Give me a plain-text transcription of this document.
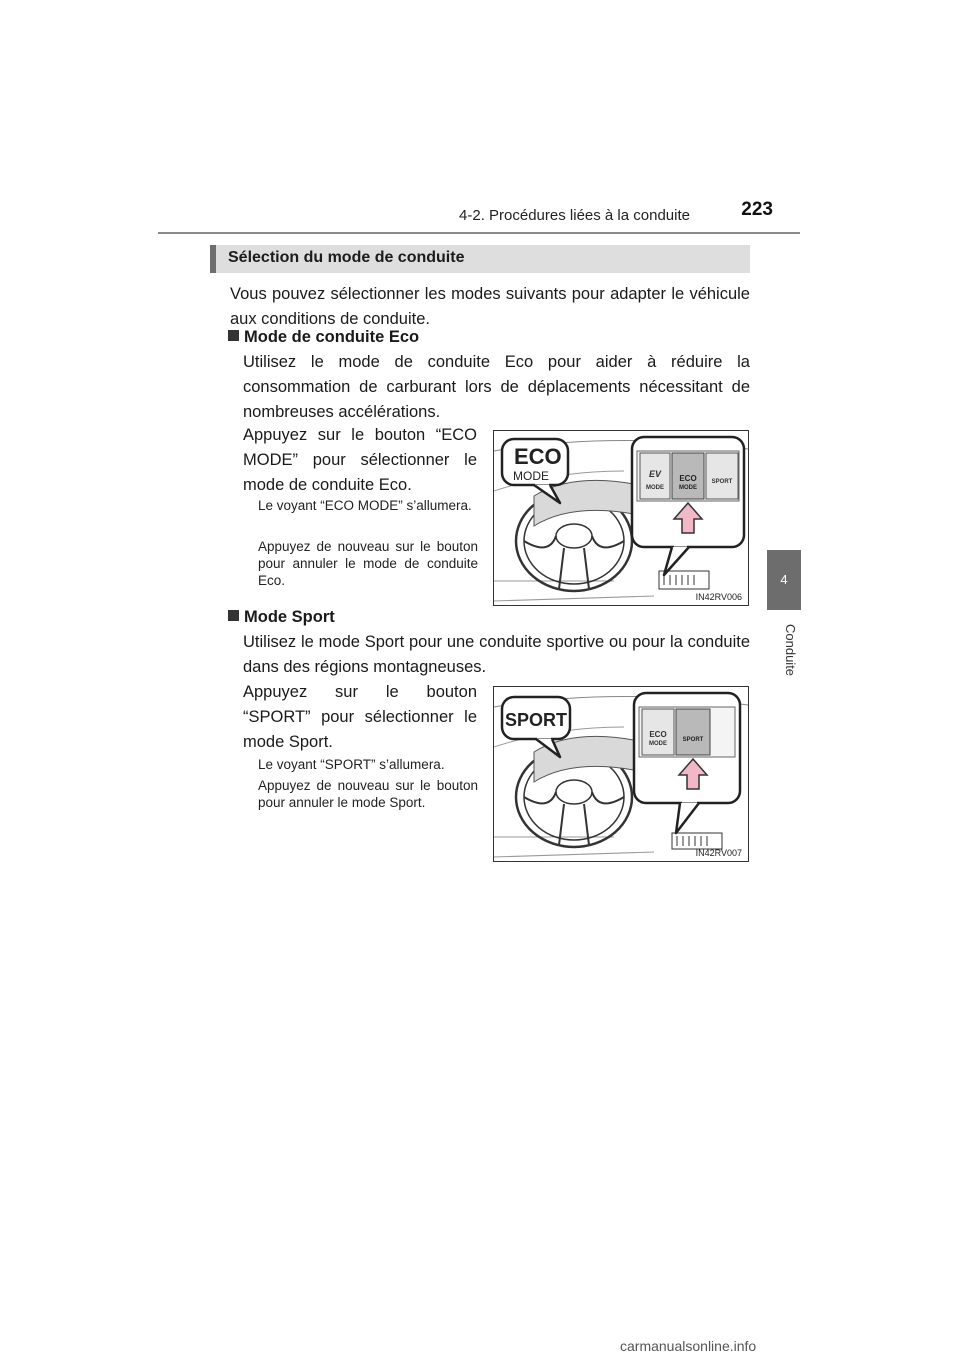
4-2. Procédures liées à la conduite	223
4
Conduite
Sélection du mode de conduite
Vous pouvez sélectionner les modes suivants pour adapter le véhicule aux conditions de conduite.
Mode de conduite Eco
Utilisez le mode de conduite Eco pour aider à réduire la consommation de carburant lors de déplacements nécessitant de nombreuses accélérations.
Appuyez sur le bouton “ECO MODE” pour sélectionner le mode de conduite Eco.
Le voyant “ECO MODE” s’allumera.
Appuyez de nouveau sur le bouton pour annuler le mode de conduite Eco.
ECO
MODE	EV
MODE
ECO
MODE
SPORT
IN42RV006
Mode Sport
Utilisez le mode Sport pour une conduite sportive ou pour la conduite dans des régions montagneuses.
Appuyez sur le bouton “SPORT” pour sélectionner le mode Sport.
Le voyant “SPORT” s’allumera.
Appuyez de nouveau sur le bouton pour annuler le mode Sport.
SPORT
ECO
MODE
SPORT
IN42RV007
carmanualsonline.info
